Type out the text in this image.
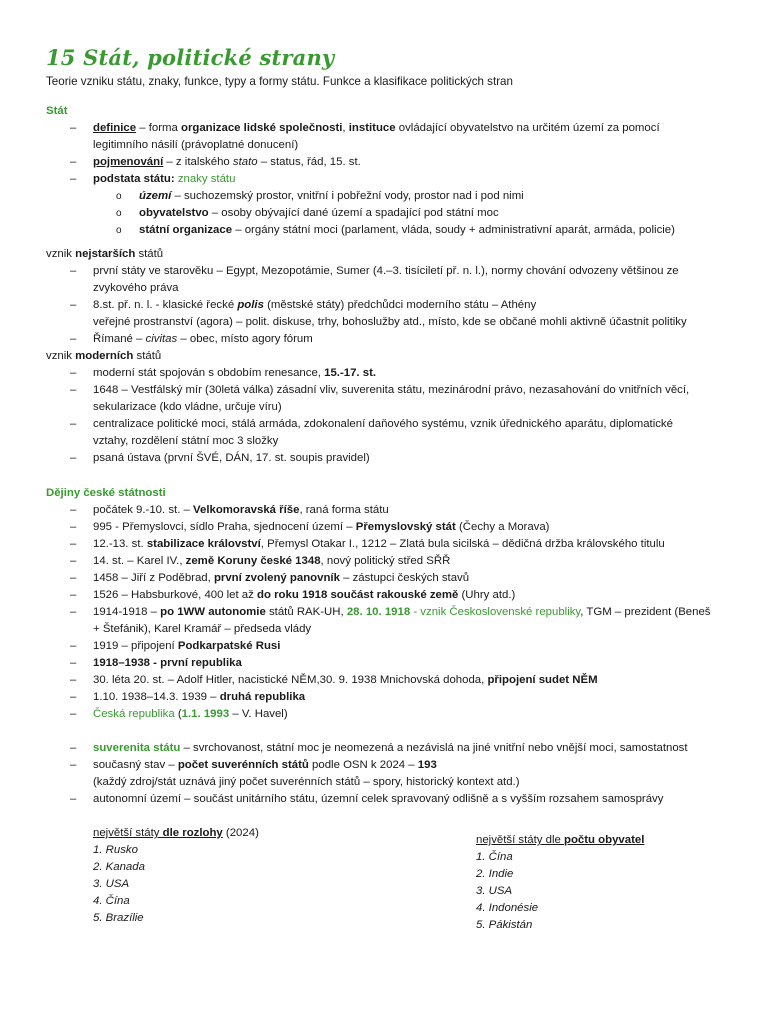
15 Stát, politické strany
Teorie vzniku státu, znaky, funkce, typy a formy státu. Funkce a klasifikace politických stran
Stát
– definice – forma organizace lidské společnosti, instituce ovládající obyvatelstvo na určitém území za pomocí
legitimního násilí (právoplatné donucení)
– pojmenování – z italského stato – status, řád, 15. st.
– podstata státu: znaky státu
o území – suchozemský prostor, vnitřní i pobřežní vody, prostor nad i pod nimi
o obyvatelstvo – osoby obývající dané území a spadající pod státní moc
o státní organizace – orgány státní moci (parlament, vláda, soudy + administrativní aparát, armáda, policie)
vznik nejstarších států
– první státy ve starověku – Egypt, Mezopotámie, Sumer (4.–3. tisíciletí př. n. l.), normy chování odvozeny většinou ze
zvykového práva
– 8.st. př. n. l. - klasické řecké polis (městské státy) předchůdci moderního státu – Athény
veřejné prostranství (agora) – polit. diskuse, trhy, bohoslužby atd., místo, kde se občané mohli aktivně účastnit politiky
– Římané – civitas – obec, místo agory fórum
vznik moderních států
– moderní stát spojován s obdobím renesance, 15.-17. st.
– 1648 – Vestfálský mír (30letá válka) zásadní vliv, suverenita státu, mezinárodní právo, nezasahování do vnitřních věcí,
sekularizace (kdo vládne, určuje víru)
– centralizace politické moci, stálá armáda, zdokonalení daňového systému, vznik úřednického aparátu, diplomatické
vztahy, rozdělení státní moc 3 složky
– psaná ústava (první ŠVÉ, DÁN, 17. st. soupis pravidel)
Dějiny české státnosti
– počátek 9.-10. st. – Velkomoravská říše, raná forma státu
– 995 - Přemyslovci, sídlo Praha, sjednocení území – Přemyslovský stát (Čechy a Morava)
– 12.-13. st. stabilizace království, Přemysl Otakar I., 1212 – Zlatá bula sicilská – dědičná držba královského titulu
– 14. st. – Karel IV., země Koruny české 1348, nový politický střed SŘŘ
– 1458 – Jiří z Poděbrad, první zvolený panovník – zástupci českých stavů
– 1526 – Habsburkové, 400 let až do roku 1918 součást rakouské země (Uhry atd.)
– 1914-1918 – po 1WW autonomie států RAK-UH, 28. 10. 1918 - vznik Československé republiky, TGM – prezident (Beneš
+ Štefánik), Karel Kramář – předseda vlády
– 1919 – připojení Podkarpatské Rusi
– 1918–1938 - první republika
– 30. léta 20. st. – Adolf Hitler, nacistické NĚM,30. 9. 1938 Mnichovská dohoda, připojení sudet NĚM
– 1.10. 1938–14.3. 1939 – druhá republika
– Česká republika (1.1. 1993 – V. Havel)
– suverenita státu – svrchovanost, státní moc je neomezená a nezávislá na jiné vnitřní nebo vnější moci, samostatnost
– současný stav – počet suverénních států podle OSN k 2024 – 193
(každý zdroj/stát uznává jiný počet suverénních států – spory, historický kontext atd.)
– autonomní území – součást unitárního státu, územní celek spravovaný odlišně a s vyšším rozsahem samosprávy
největší státy dle rozlohy (2024)
1. Rusko
2. Kanada
3. USA
4. Čína
5. Brazílie
největší státy dle počtu obyvatel
1. Čína
2. Indie
3. USA
4. Indonésie
5. Pákistán
